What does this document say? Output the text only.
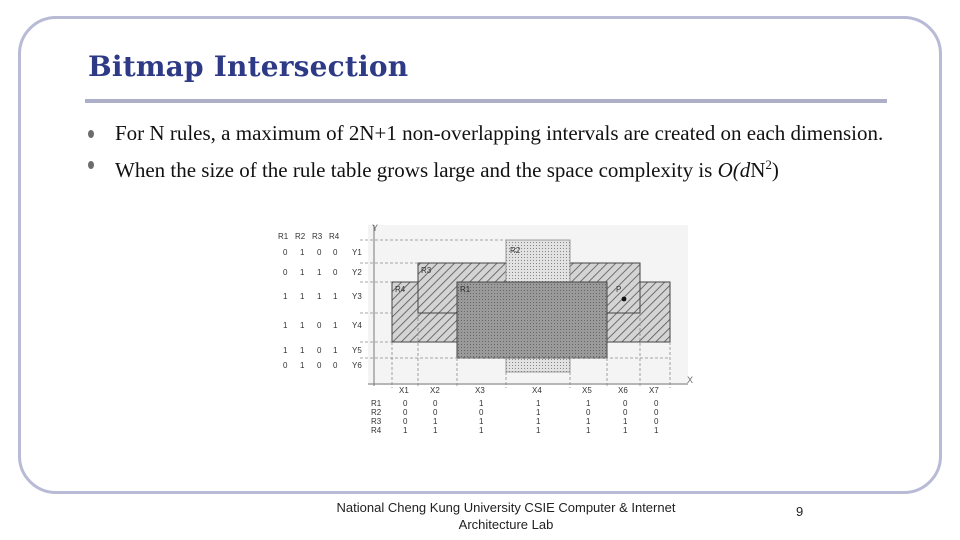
Bitmap Intersection
For N rules, a maximum of 2N+1 non-overlapping intervals are created on each dimension.
When the size of the rule table grows large and the space complexity is $O(dN^2)$
Y
X
R2
R3
R4	R1	P
R1 R2 R3 R4
0 1 0 0 Y1
0 1 1 0 Y2
1 1 1 1 Y3
1 1 0 1 Y4
1 1 0 1 Y5
0 1 0 0 Y6
X1	X2	X3	X4	X5	X6	X7
R1	0	0	1	1	1	0	0
R2	0	0	0	1	0	0	0
R3	0	1	1	1	1	1	0
R4	1	1	1	1	1	1	1
National Cheng Kung University CSIE Computer & Internet Architecture Lab
9
